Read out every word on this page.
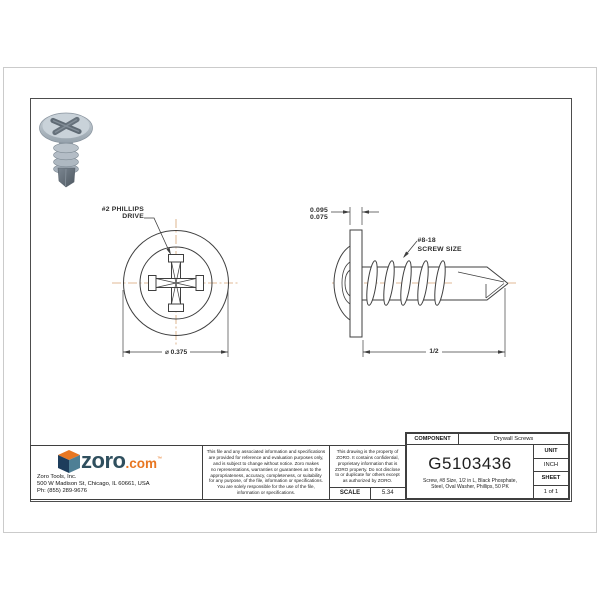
#2 PHILLIPS
DRIVE
⌀ 0.375
0.095
0.075
#8-18
SCREW SIZE
1/2
zoro.com™
Zoro Tools, Inc.
500 W Madison St, Chicago, IL 60661, USA
Ph: (855) 289-9676
This file and any associated information and specifications
are provided for reference and evaluation purposes only,
and is subject to change without notice. Zoro makes
no representations, warranties or guarantees as to the
appropriateness, accuracy, completeness, or suitability
for any purpose, of the file, information or specifications.
You are solely responsible for the use of the file,
information or specifications.
This drawing is the property of
ZORO. It contains confidential,
proprietary information that is
ZORO property. Do not disclose
to or duplicate for others except
as authorized by ZORO.
SCALE	5.34
COMPONENT	Drywall Screws
G5103436
Screw, #8 Size, 1/2 in L, Black Phosphate,
Steel, Oval Washer, Phillips, 50 PK
UNIT
INCH
SHEET
1 of 1
